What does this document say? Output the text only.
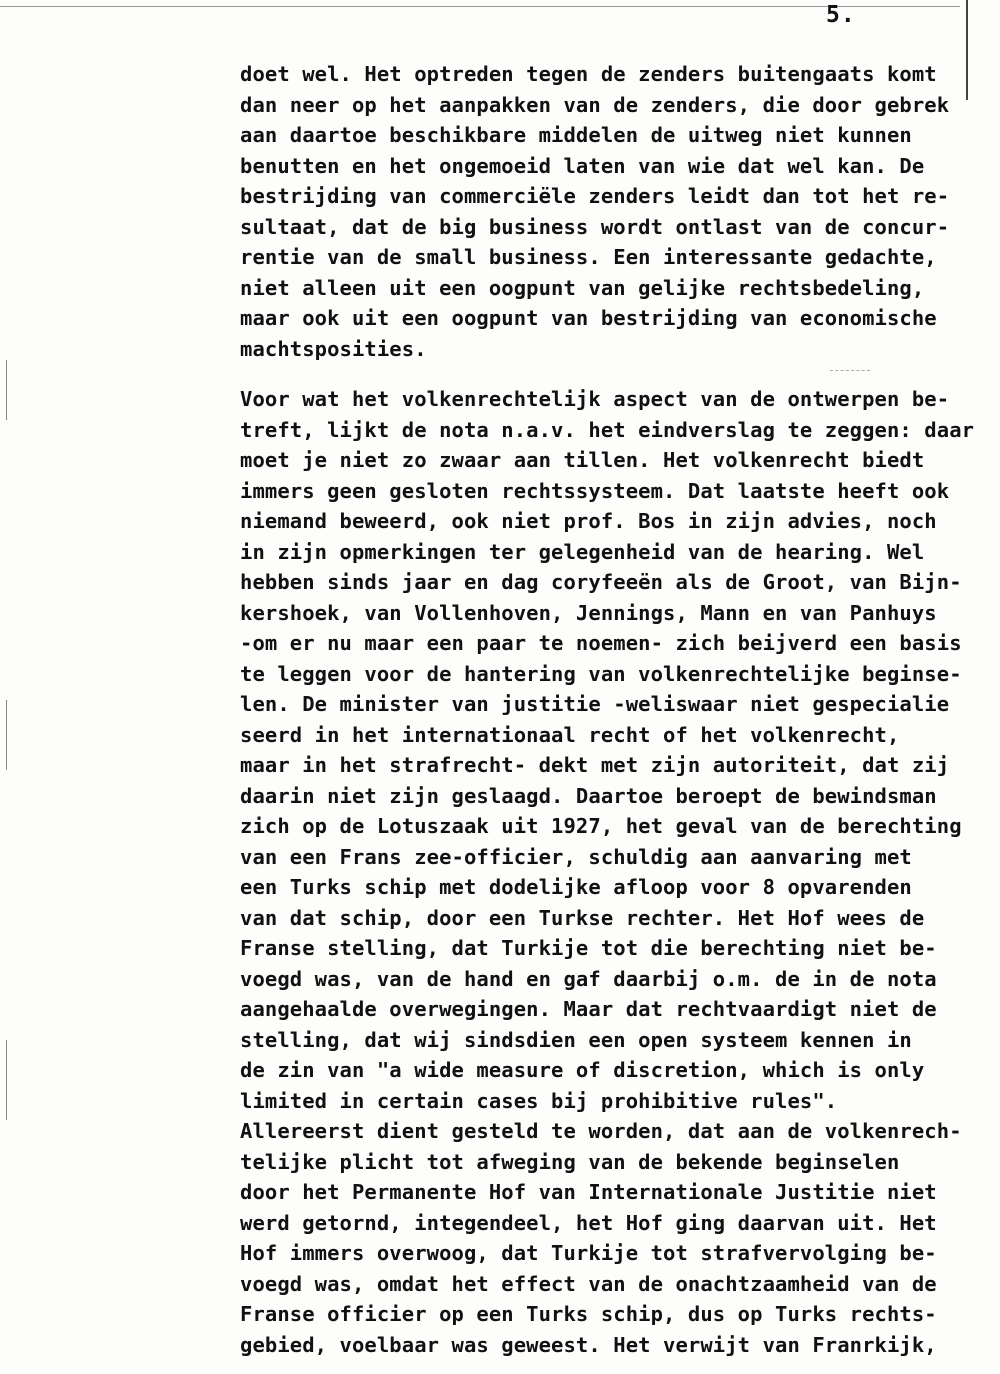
5.
doet wel. Het optreden tegen de zenders buitengaats komt
dan neer op het aanpakken van de zenders, die door gebrek
aan daartoe beschikbare middelen de uitweg niet kunnen
benutten en het ongemoeid laten van wie dat wel kan. De
bestrijding van commerciële zenders leidt dan tot het re-
sultaat, dat de big business wordt ontlast van de concur-
rentie van de small business. Een interessante gedachte,
niet alleen uit een oogpunt van gelijke rechtsbedeling,
maar ook uit een oogpunt van bestrijding van economische
machtsposities.
Voor wat het volkenrechtelijk aspect van de ontwerpen be-
treft, lijkt de nota n.a.v. het eindverslag te zeggen: daar
moet je niet zo zwaar aan tillen. Het volkenrecht biedt
immers geen gesloten rechtssysteem. Dat laatste heeft ook
niemand beweerd, ook niet prof. Bos in zijn advies, noch
in zijn opmerkingen ter gelegenheid van de hearing. Wel
hebben sinds jaar en dag coryfeeën als de Groot, van Bijn-
kershoek, van Vollenhoven, Jennings, Mann en van Panhuys
-om er nu maar een paar te noemen- zich beijverd een basis
te leggen voor de hantering van volkenrechtelijke beginse-
len. De minister van justitie -weliswaar niet gespecialie
seerd in het internationaal recht of het volkenrecht,
maar in het strafrecht- dekt met zijn autoriteit, dat zij
daarin niet zijn geslaagd. Daartoe beroept de bewindsman
zich op de Lotuszaak uit 1927, het geval van de berechting
van een Frans zee-officier, schuldig aan aanvaring met
een Turks schip met dodelijke afloop voor 8 opvarenden
van dat schip, door een Turkse rechter. Het Hof wees de
Franse stelling, dat Turkije tot die berechting niet be-
voegd was, van de hand en gaf daarbij o.m. de in de nota
aangehaalde overwegingen. Maar dat rechtvaardigt niet de
stelling, dat wij sindsdien een open systeem kennen in
de zin van "a wide measure of discretion, which is only
limited in certain cases bij prohibitive rules".
Allereerst dient gesteld te worden, dat aan de volkenrech-
telijke plicht tot afweging van de bekende beginselen
door het Permanente Hof van Internationale Justitie niet
werd getornd, integendeel, het Hof ging daarvan uit. Het
Hof immers overwoog, dat Turkije tot strafvervolging be-
voegd was, omdat het effect van de onachtzaamheid van de
Franse officier op een Turks schip, dus op Turks rechts-
gebied, voelbaar was geweest. Het verwijt van Franrkijk,
